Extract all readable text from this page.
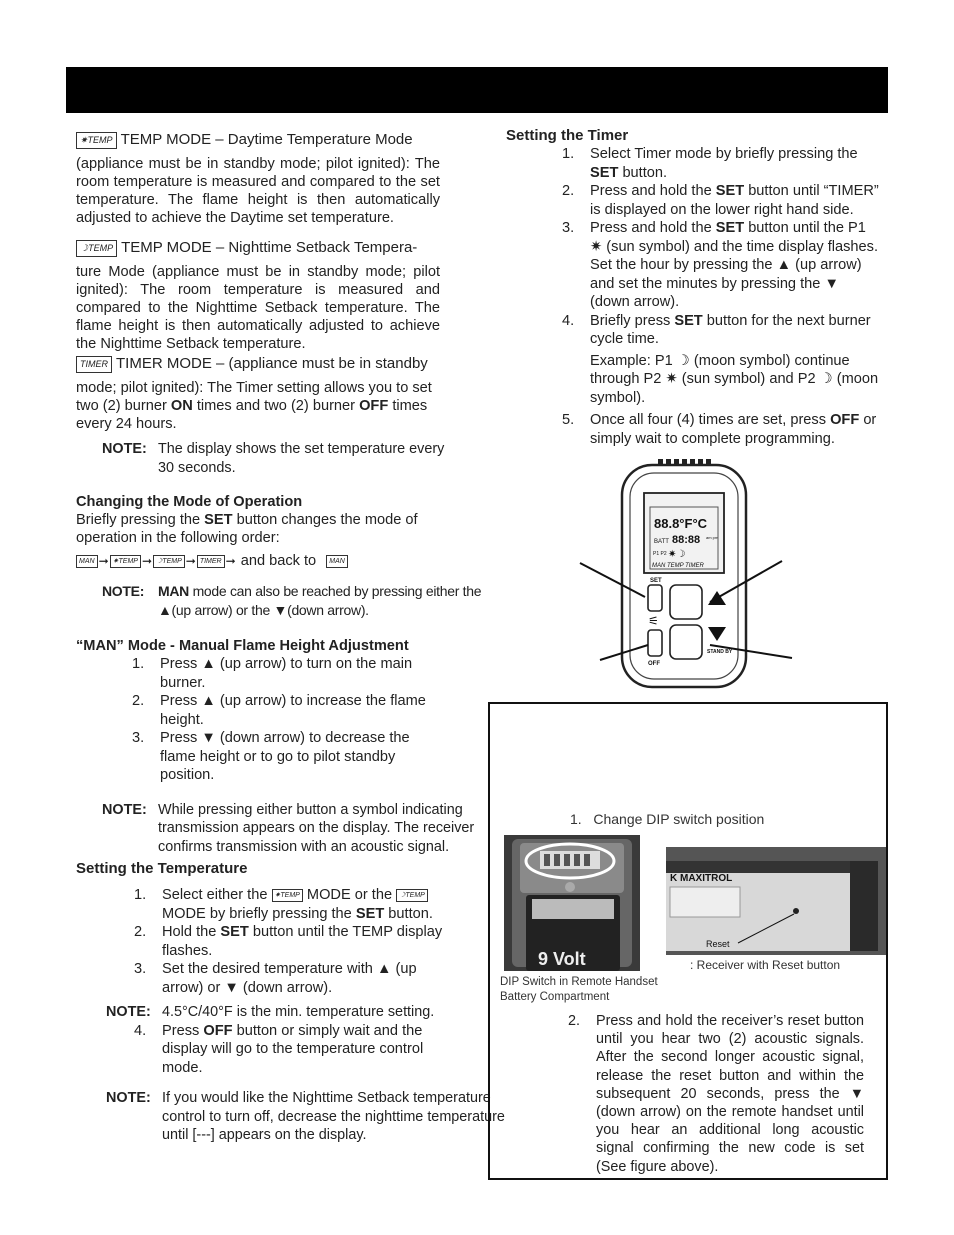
✷TEMP TEMP MODE – Daytime Temperature Mode

(appliance must be in standby mode; pilot ignited): The room temperature is measured and compared to the set temperature. The flame height is then automatically adjusted to achieve the Daytime set temperature.

☽TEMP TEMP MODE – Nighttime Setback Tempera-

ture Mode (appliance must be in standby mode; pilot ignited): The room temperature is measured and compared to the Nighttime Setback temperature. The flame height is then automatically adjusted to achieve the Nighttime Setback temperature.

TIMER TIMER MODE – (appliance must be in standby

mode; pilot ignited): The Timer setting allows you to set two (2) burner ON times and two (2) burner OFF times every 24 hours.

NOTE: The display shows the set temperature every 30 seconds.

Changing the Mode of Operation

Briefly pressing the SET button changes the mode of operation in the following order:

MAN ➞ ✷TEMP ➞ ☽TEMP ➞ TIMER ➞ and back to MAN

NOTE: MAN mode can also be reached by pressing either the ▲(up arrow) or the ▼(down arrow).

“MAN” Mode - Manual Flame Height Adjustment

1. Press ▲ (up arrow) to turn on the main burner.
2. Press ▲ (up arrow) to increase the flame height.
3. Press ▼ (down arrow) to decrease the flame height or to go to pilot standby position.
NOTE: While pressing either button a symbol indicating transmission appears on the display. The receiver confirms transmission with an acoustic signal.

Setting the Temperature

1. Select either the ✷TEMP MODE or the ☽TEMP
MODE by briefly pressing the SET button.
2. Hold the SET button until the TEMP display flashes.
3. Set the desired temperature with ▲ (up arrow) or ▼ (down arrow).
NOTE: 4.5°C/40°F is the min. temperature setting.
4. Press OFF button or simply wait and the display will go to the temperature control mode.
NOTE: If you would like the Nighttime Setback temperature control to turn off, decrease the nighttime temperature until [---] appears on the display.

Setting the Timer

1. Select Timer mode by briefly pressing the SET button.
2. Press and hold the SET button until “TIMER” is displayed on the lower right hand side.
3. Press and hold the SET button until the P1 ✷ (sun symbol) and the time display flashes. Set the hour by pressing the ▲ (up arrow) and set the minutes by pressing the ▼ (down arrow).
4. Briefly press SET button for the next burner cycle time.

Example: P1 ☽ (moon symbol) continue through P2 ✷ (sun symbol) and P2 ☽ (moon symbol).
5. Once all four (4) times are set, press OFF or simply wait to complete programming.
88.8°F°C
BATT 88:88 am pm
P1 P2 ✷☽
MAN TEMP TIMER
SET
⚟
OFF
STAND BY
1. Change DIP switch position
9 Volt
K MAXITROL
Reset
: Receiver with Reset button
DIP Switch in Remote Handset
Battery Compartment
2. Press and hold the receiver’s reset button until you hear two (2) acoustic signals. After the second longer acoustic signal, release the reset button and within the subsequent 20 seconds, press the ▼ (down arrow) on the remote handset until you hear an additional long acoustic signal confirming the new code is set (See figure above).
